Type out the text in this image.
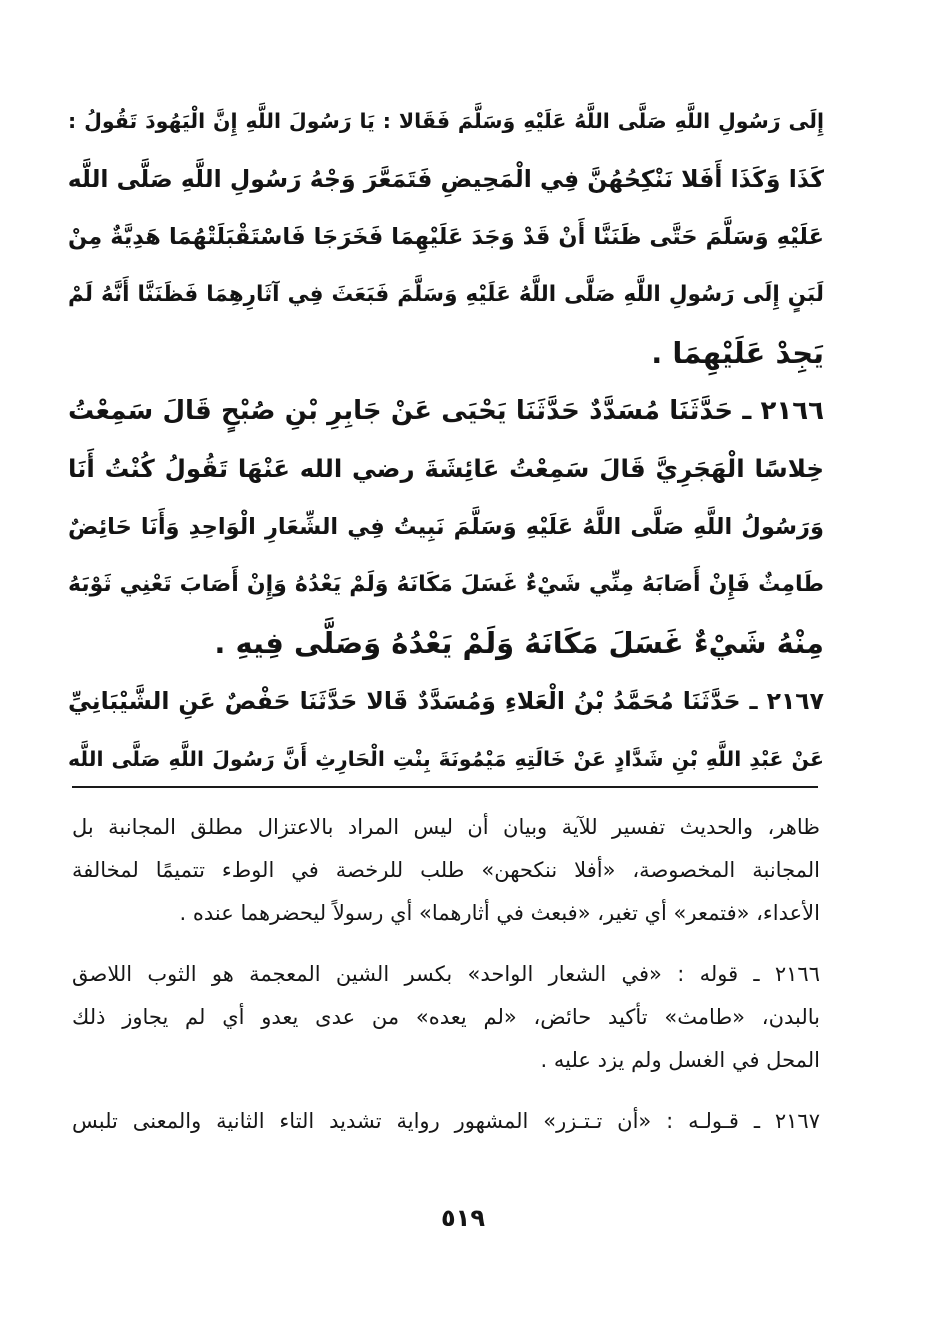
إِلَى رَسُولِ اللَّهِ صَلَّى اللَّهُ عَلَيْهِ وَسَلَّمَ فَقَالا : يَا رَسُولَ اللَّهِ إِنَّ الْيَهُودَ تَقُولُ :
كَذَا وَكَذَا أَفَلا نَنْكِحُهُنَّ فِي الْمَحِيضِ فَتَمَعَّرَ وَجْهُ رَسُولِ اللَّهِ صَلَّى اللَّه
عَلَيْهِ وَسَلَّمَ حَتَّى ظَنَنَّا أَنْ قَدْ وَجَدَ عَلَيْهِمَا فَخَرَجَا فَاسْتَقْبَلَتْهُمَا هَدِيَّةٌ مِنْ
لَبَنٍ إِلَى رَسُولِ اللَّهِ صَلَّى اللَّهُ عَلَيْهِ وَسَلَّمَ فَبَعَثَ فِي آثَارِهِمَا فَظَنَنَّا أَنَّهُ لَمْ
يَجِدْ عَلَيْهِمَا .
٢١٦٦ ـ حَدَّثَنَا مُسَدَّدٌ حَدَّثَنَا يَحْيَى عَنْ جَابِرِ بْنِ صُبْحٍ قَالَ سَمِعْتُ
خِلاسًا الْهَجَرِيَّ قَالَ سَمِعْتُ عَائِشَةَ رضي الله عَنْهَا تَقُولُ كُنْتُ أَنَا
وَرَسُولُ اللَّهِ صَلَّى اللَّهُ عَلَيْهِ وَسَلَّمَ نَبِيتُ فِي الشِّعَارِ الْوَاحِدِ وَأَنَا حَائِضٌ
طَامِثٌ فَإِنْ أَصَابَهُ مِنِّي شَيْءٌ غَسَلَ مَكَانَهُ وَلَمْ يَعْدُهُ وَإِنْ أَصَابَ تَعْنِي ثَوْبَهُ
مِنْهُ شَيْءٌ غَسَلَ مَكَانَهُ وَلَمْ يَعْدُهُ وَصَلَّى فِيهِ .
٢١٦٧ ـ حَدَّثَنَا مُحَمَّدُ بْنُ الْعَلاءِ وَمُسَدَّدٌ قَالا حَدَّثَنَا حَفْصٌ عَنِ الشَّيْبَانِيِّ
عَنْ عَبْدِ اللَّهِ بْنِ شَدَّادٍ عَنْ خَالَتِهِ مَيْمُونَةَ بِنْتِ الْحَارِثِ أَنَّ رَسُولَ اللَّهِ صَلَّى اللَّه
ظاهر، والحديث تفسير للآية وبيان أن ليس المراد بالاعتزال مطلق المجانبة بل
المجانبة المخصوصة، «أفلا ننكحهن» طلب للرخصة في الوطء تتميمًا لمخالفة
الأعداء، «فتمعر» أي تغير، «فبعث في أثارهما» أي رسولاً ليحضرهما عنده .
٢١٦٦ ـ قوله : «في الشعار الواحد» بكسر الشين المعجمة هو الثوب اللاصق
بالبدن، «طامث» تأكيد حائض، «لم يعده» من عدى يعدو أي لم يجاوز ذلك
المحل في الغسل ولم يزد عليه .
٢١٦٧ ـ قـولـه : «أن تـتـزر» المشهور رواية تشديد التاء الثانية والمعنى تلبس
٥١٩
